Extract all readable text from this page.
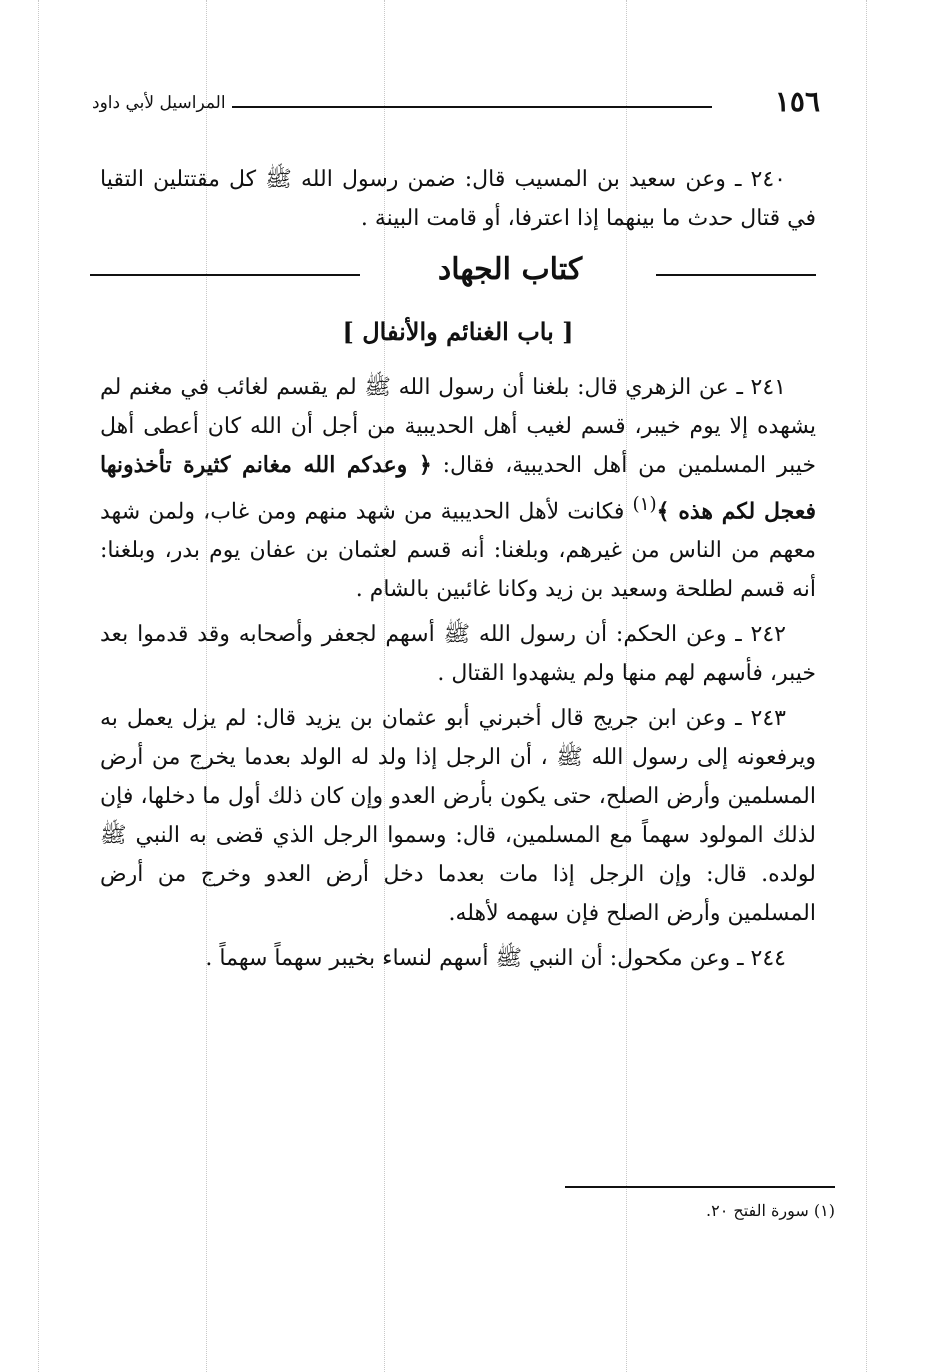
١٥٦
المراسيل لأبي داود

٢٤٠ ـ وعن سعيد بن المسيب قال: ضمن رسول الله ﷺ كل مقتتلين التقيا في قتال حدث ما بينهما إذا اعترفا، أو قامت البينة .

كتاب الجهاد
[ باب الغنائم والأنفال ]

٢٤١ ـ عن الزهري قال: بلغنا أن رسول الله ﷺ لم يقسم لغائب في مغنم لم يشهده إلا يوم خيبر، قسم لغيب أهل الحديبية من أجل أن الله كان أعطى أهل خيبر المسلمين من أهل الحديبية، فقال: ﴿ وعدكم الله مغانم كثيرة تأخذونها فعجل لكم هذه ﴾$^{(١)}$ فكانت لأهل الحديبية من شهد منهم ومن غاب، ولمن شهد معهم من الناس من غيرهم، وبلغنا: أنه قسم لعثمان بن عفان يوم بدر، وبلغنا: أنه قسم لطلحة وسعيد بن زيد وكانا غائبين بالشام .

٢٤٢ ـ وعن الحكم: أن رسول الله ﷺ أسهم لجعفر وأصحابه وقد قدموا بعد خيبر، فأسهم لهم منها ولم يشهدوا القتال .

٢٤٣ ـ وعن ابن جريج قال أخبرني أبو عثمان بن يزيد قال: لم يزل يعمل به ويرفعونه إلى رسول الله ﷺ ، أن الرجل إذا ولد له الولد بعدما يخرج من أرض المسلمين وأرض الصلح، حتى يكون بأرض العدو وإن كان ذلك أول ما دخلها، فإن لذلك المولود سهماً مع المسلمين، قال: وسموا الرجل الذي قضى به النبي ﷺ لولده. قال: وإن الرجل إذا مات بعدما دخل أرض العدو وخرج من أرض المسلمين وأرض الصلح فإن سهمه لأهله.

٢٤٤ ـ وعن مكحول: أن النبي ﷺ أسهم لنساء بخيبر سهماً سهماً .

(١) سورة الفتح ٢٠.
